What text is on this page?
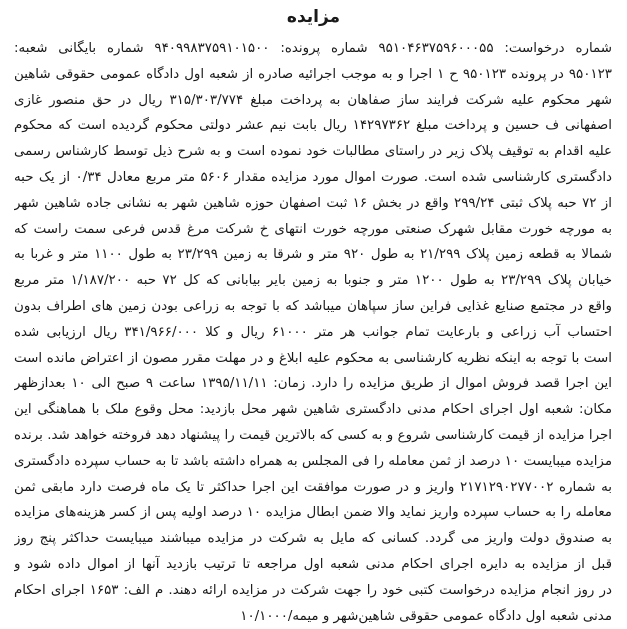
مزایده
شماره درخواست: ۹۵۱۰۴۶۳۷۵۹۶۰۰۰۵۵ شماره پرونده: ۹۴۰۹۹۸۳۷۵۹۱۰۱۵۰۰ شماره بایگانی شعبه:
۹۵۰۱۲۳ در پرونده ۹۵۰۱۲۳ ح ۱ اجرا و به موجب اجرائیه صادره از شعبه اول دادگاه عمومی حقوقی شاهین
شهر محکوم علیه شرکت فرایند ساز صفاهان به پرداخت مبلغ ۳۱۵/۳۰۳/۷۷۴ ریال در حق منصور غازی
اصفهانی ف حسین و پرداخت مبلغ ۱۴۲۹۷۳۶۲ ریال بابت نیم عشر دولتی محکوم گردیده است که محکوم
علیه اقدام به توقیف پلاک زیر در راستای مطالبات خود نموده است و به شرح ذیل توسط کارشناس رسمی
دادگستری کارشناسی شده است. صورت اموال مورد مزایده مقدار ۵۶۰۶ متر مربع معادل ۰/۳۴ از یک حبه
از ۷۲ حبه پلاک ثبتی ۲۹۹/۲۴ واقع در بخش ۱۶ ثبت اصفهان حوزه شاهین شهر به نشانی جاده شاهین شهر
به مورچه خورت مقابل شهرک صنعتی مورچه خورت انتهای خ شرکت مرغ قدس فرعی سمت راست که
شمالا به قطعه زمین پلاک ۲۱/۲۹۹ به طول ۹۲۰ متر و شرقا به زمین ۲۳/۲۹۹ به طول ۱۱۰۰ متر و غربا به
خیابان پلاک ۲۳/۲۹۹ به طول ۱۲۰۰ متر و جنوبا به زمین بایر بیابانی که کل ۷۲ حبه ۱/۱۸۷/۲۰۰ متر مربع
واقع در مجتمع صنایع غذایی فراین ساز سپاهان میباشد که با توجه به زراعی بودن زمین های اطراف بدون
احتساب آب زراعی و بارعایت تمام جوانب هر متر ۶۱۰۰۰ ریال و کلا ۳۴۱/۹۶۶/۰۰۰ ریال ارزیابی شده
است با توجه به اینکه نظریه کارشناسی به محکوم علیه ابلاغ و در مهلت مقرر مصون از اعتراض مانده است
این اجرا قصد فروش اموال از طریق مزایده را دارد. زمان: ۱۳۹۵/۱۱/۱۱ ساعت ۹ صبح الی ۱۰ بعدازظهر
مکان: شعبه اول اجرای احکام مدنی دادگستری شاهین شهر محل بازدید: محل وقوع ملک با هماهنگی این
اجرا مزایده از قیمت کارشناسی شروع و به کسی که بالاترین قیمت را پیشنهاد دهد فروخته خواهد شد. برنده
مزایده میبایست ۱۰ درصد از ثمن معامله را فی المجلس به همراه داشته باشد تا به حساب سپرده دادگستری
به شماره ۲۱۷۱۲۹۰۲۷۷۰۰۲ واریز و در صورت موافقت این اجرا حداکثر تا یک ماه فرصت دارد مابقی ثمن
معامله را به حساب سپرده واریز نماید والا ضمن ابطال مزایده ۱۰ درصد اولیه پس از کسر هزینه‌های مزایده
به صندوق دولت واریز می گردد. کسانی که مایل به شرکت در مزایده میباشند میبایست حداکثر پنج روز
قبل از مزایده به دایره اجرای احکام مدنی شعبه اول مراجعه تا ترتیب بازدید آنها از اموال داده شود و
در روز انجام مزایده درخواست کتبی خود را جهت شرکت در مزایده ارائه دهند. م الف: ۱۶۵۳ اجرای احکام
مدنی شعبه اول دادگاه عمومی حقوقی شاهین‌شهر و میمه/۱۰/۱۰۰۰
